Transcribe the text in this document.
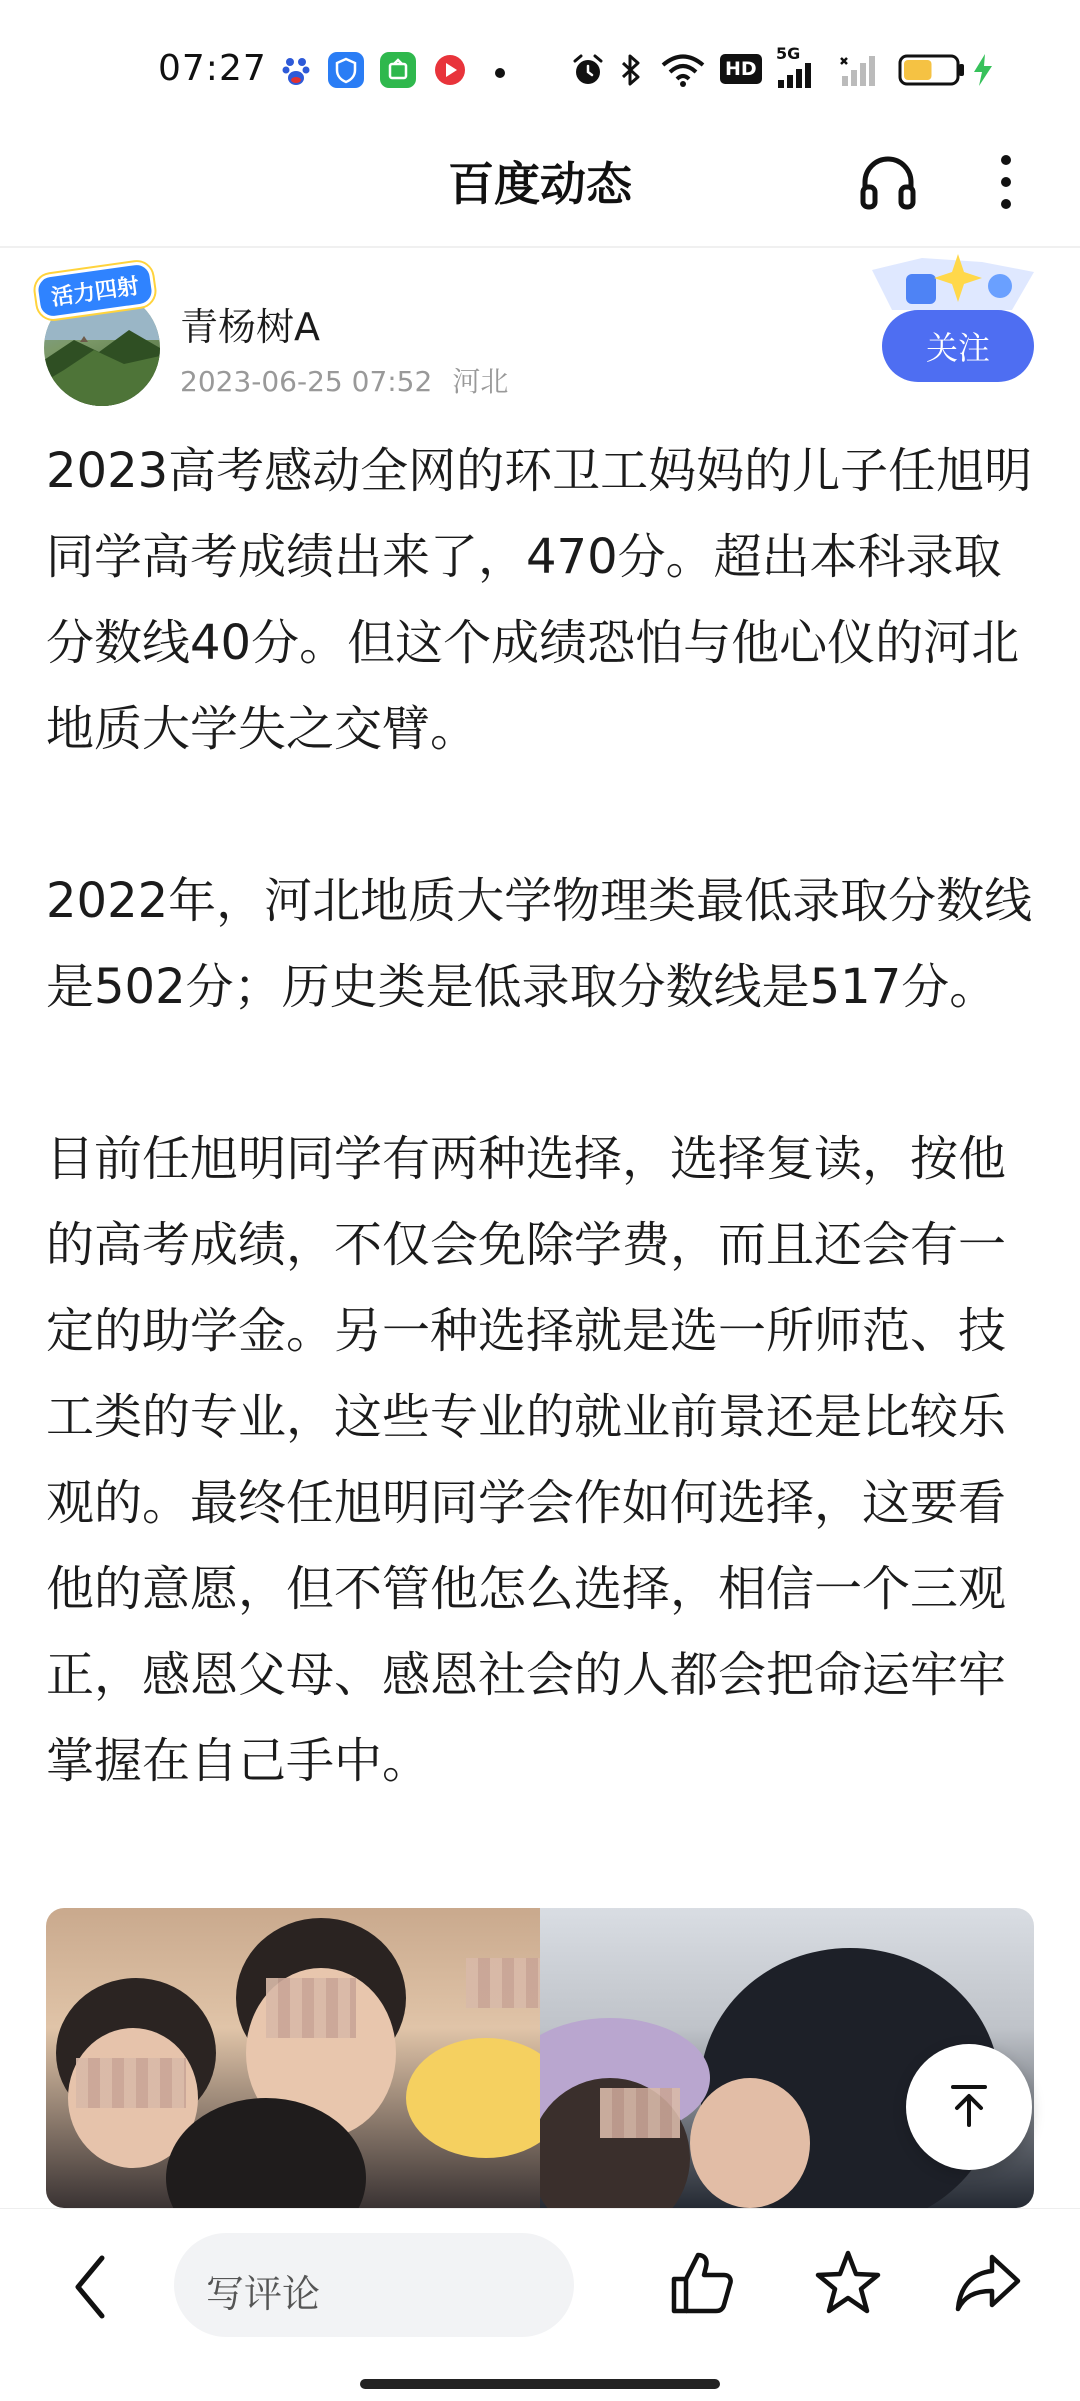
07:27	HD
5G
百度动态
活力四射
青杨树A
2023-06-25 07:52 河北
关注

2023高考感动全网的环卫工妈妈的儿子任旭明同学高考成绩出来了，470分。超出本科录取分数线40分。但这个成绩恐怕与他心仪的河北地质大学失之交臂。

2022年，河北地质大学物理类最低录取分数线是502分；历史类是低录取分数线是517分。

目前任旭明同学有两种选择，选择复读，按他的高考成绩，不仅会免除学费，而且还会有一定的助学金。另一种选择就是选一所师范、技工类的专业，这些专业的就业前景还是比较乐观的。最终任旭明同学会作如何选择，这要看他的意愿，但不管他怎么选择，相信一个三观正，感恩父母、感恩社会的人都会把命运牢牢掌握在自己手中。

写评论
